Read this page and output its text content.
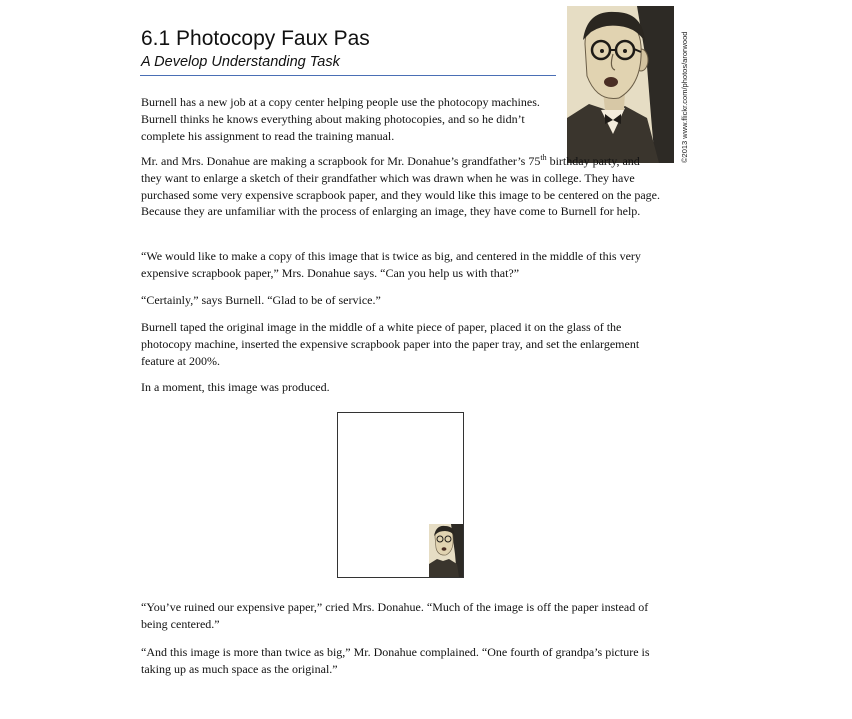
6.1 Photocopy Faux Pas
A Develop Understanding Task	©2013 www.flickr.com/photos/arorwood

Burnell has a new job at a copy center helping people use the photocopy machines. Burnell thinks he knows everything about making photocopies, and so he didn’t complete his assignment to read the training manual.

Mr. and Mrs. Donahue are making a scrapbook for Mr. Donahue’s grandfather’s 75th birthday party, and they want to enlarge a sketch of their grandfather which was drawn when he was in college. They have purchased some very expensive scrapbook paper, and they would like this image to be centered on the page. Because they are unfamiliar with the process of enlarging an image, they have come to Burnell for help.

“We would like to make a copy of this image that is twice as big, and centered in the middle of this very expensive scrapbook paper,” Mrs. Donahue says. “Can you help us with that?”

“Certainly,” says Burnell. “Glad to be of service.”

Burnell taped the original image in the middle of a white piece of paper, placed it on the glass of the photocopy machine, inserted the expensive scrapbook paper into the paper tray, and set the enlargement feature at 200%.

In a moment, this image was produced.

“You’ve ruined our expensive paper,” cried Mrs. Donahue. “Much of the image is off the paper instead of being centered.”

“And this image is more than twice as big,” Mr. Donahue complained. “One fourth of grandpa’s picture is taking up as much space as the original.”
